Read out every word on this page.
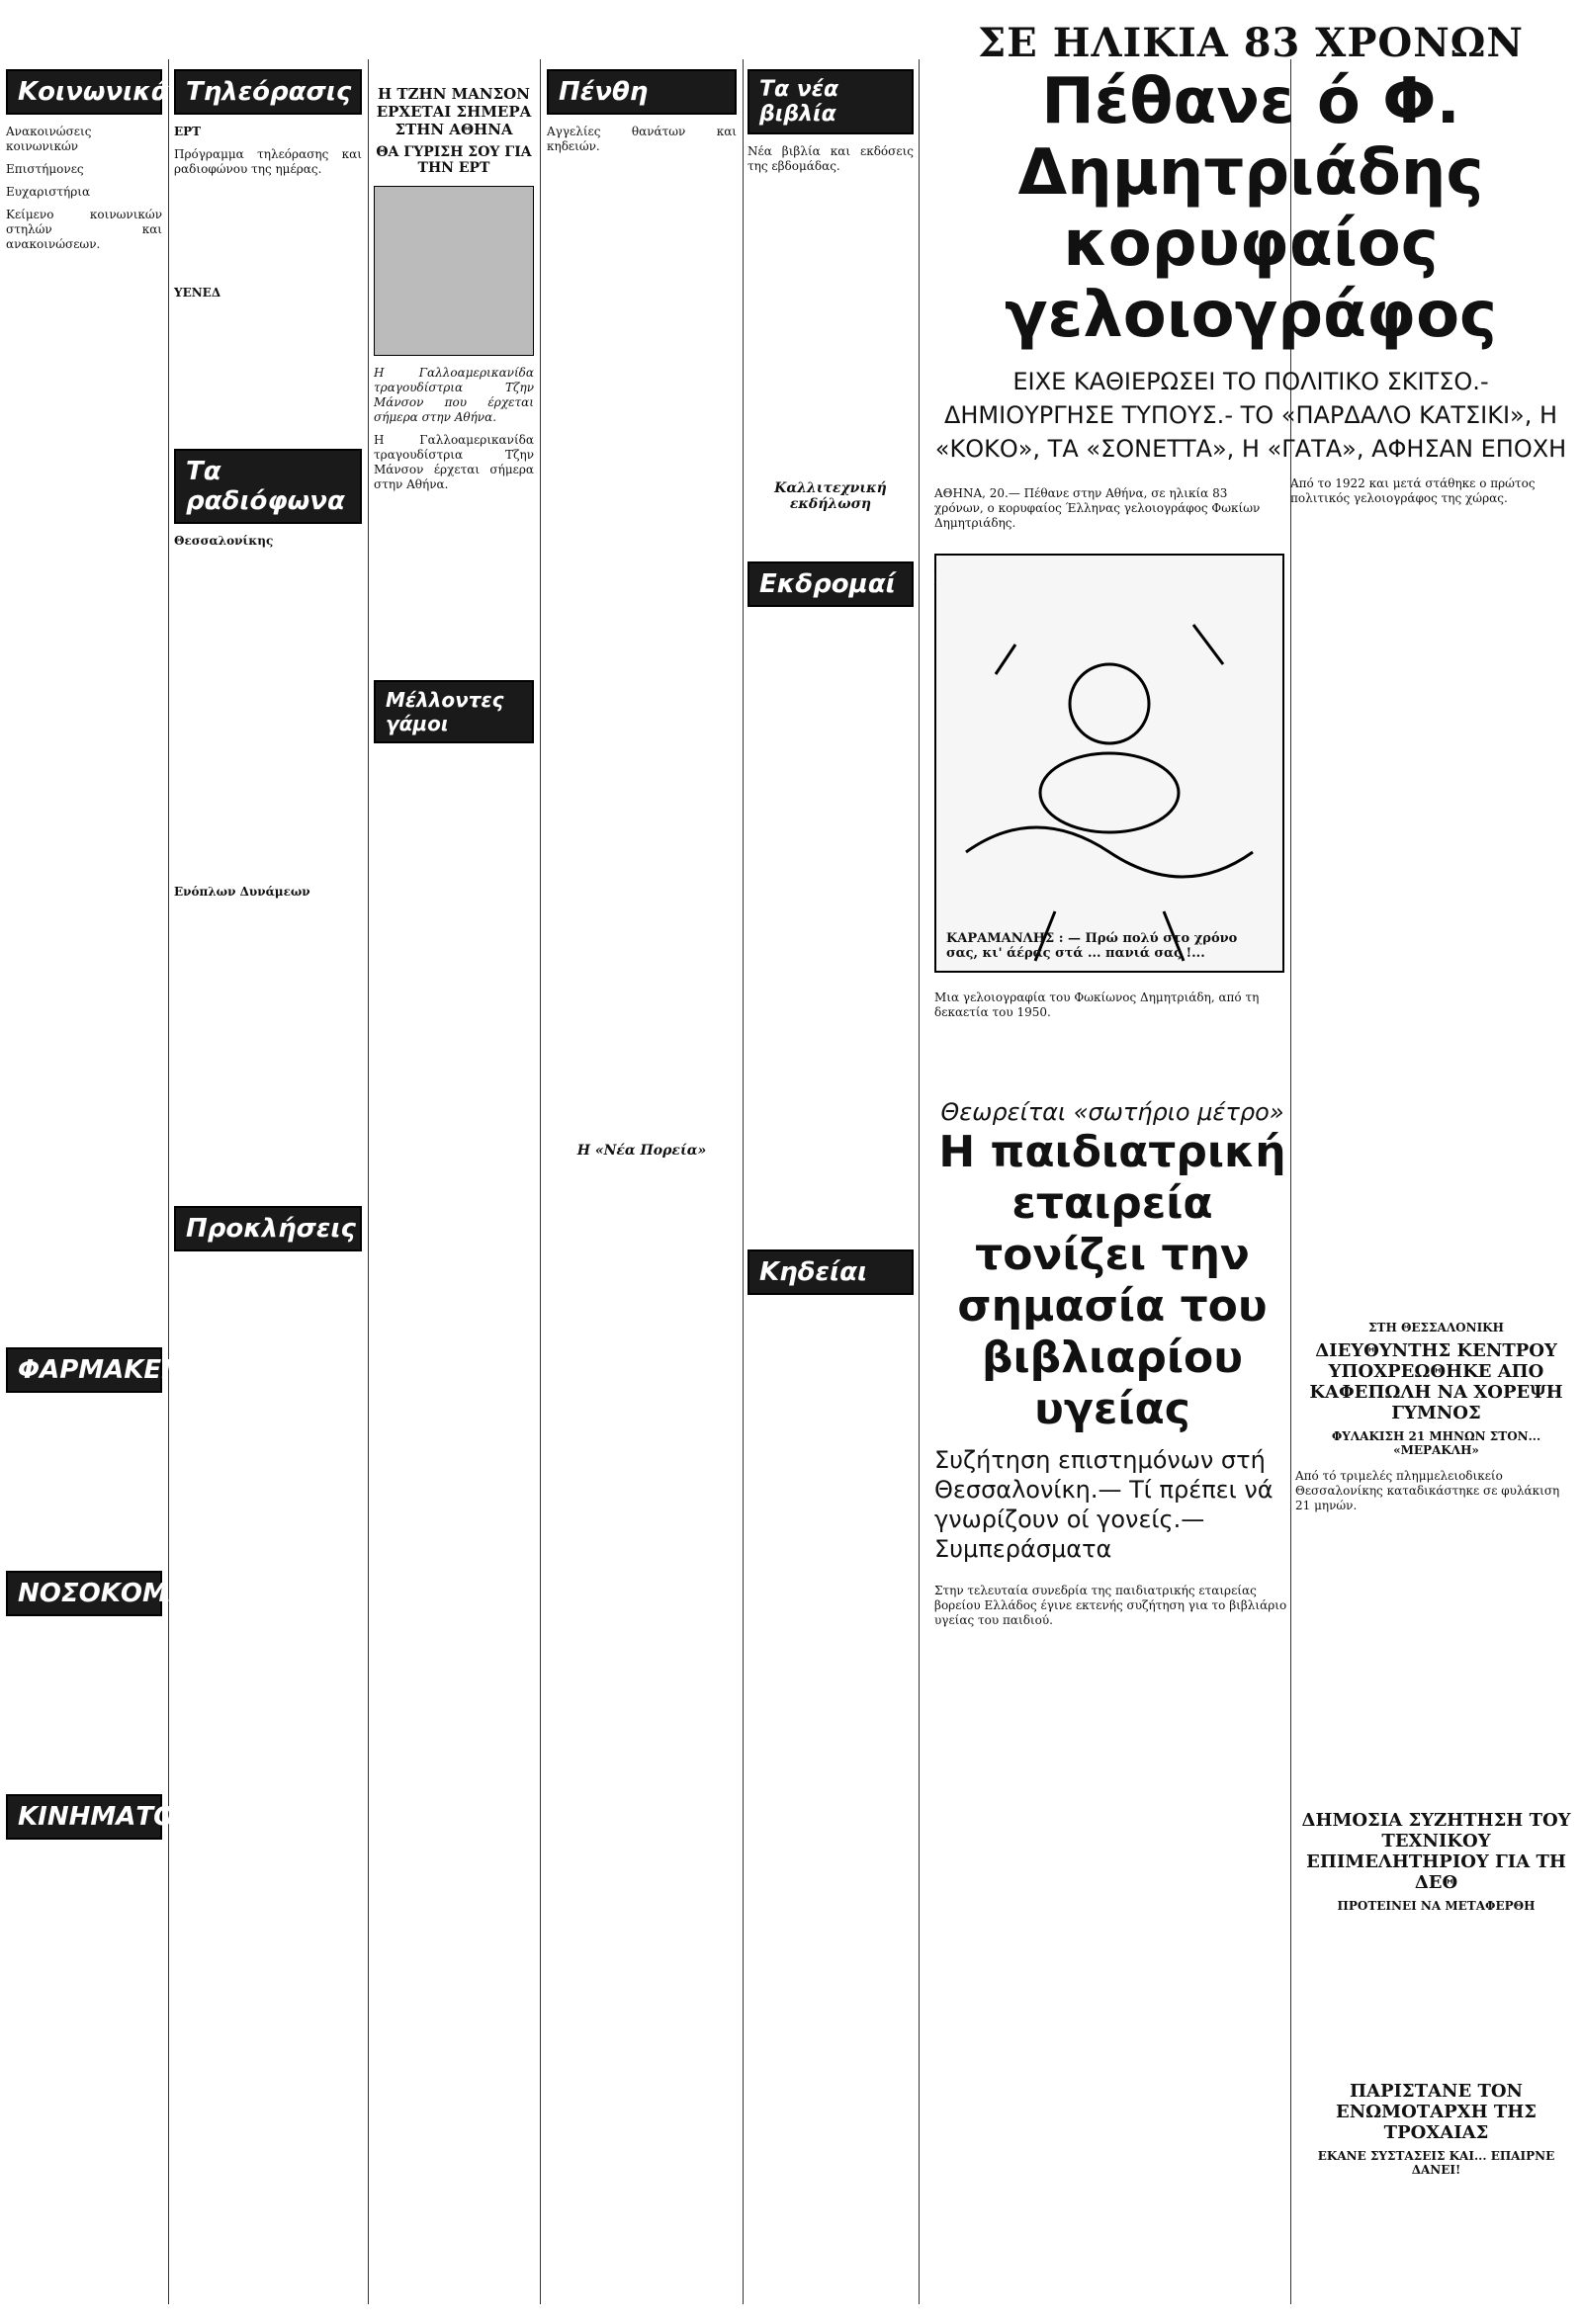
Κοινωνικά

Ανακοινώσεις κοινωνικών

Επιστήμονες

Ευχαριστήρια

Κείμενο κοινωνικών στηλών και ανακοινώσεων.

ΦΑΡΜΑΚΕΙΑ
ΝΟΣΟΚΟΜΕΙΑ
ΚΙΝΗΜΑΤΟΓΡΑΦΟΙ
Τηλεόρασις

ΕΡΤ

Πρόγραμμα τηλεόρασης και ραδιοφώνου της ημέρας.

ΥΕΝΕΔ

Τα ραδιόφωνα

Θεσσαλονίκης

Ενόπλων Δυνάμεων

Προκλήσεις
Η ΤΖΗΝ ΜΑΝΣΟΝ ΕΡΧΕΤΑΙ ΣΗΜΕΡΑ ΣΤΗΝ ΑΘΗΝΑ
ΘΑ ΓΥΡΙΣΗ ΣΟΥ ΓΙΑ ΤΗΝ ΕΡΤ

Η Γαλλοαμερικανίδα τραγουδίστρια Τζην Μάνσον που έρχεται σήμερα στην Αθήνα.

Η Γαλλοαμερικανίδα τραγουδίστρια Τζην Μάνσον έρχεται σήμερα στην Αθήνα.

Μέλλοντες γάμοι
Πένθη

Αγγελίες θανάτων και κηδειών.

Η «Νέα Πορεία»
Τα νέα βιβλία

Νέα βιβλία και εκδόσεις της εβδομάδας.

Καλλιτεχνική εκδήλωση
Εκδρομαί
Κηδείαι
ΣΕ ΗΛΙΚΙΑ 83 ΧΡΟΝΩΝ
Πέθανε ό Φ. Δημητριάδης κορυφαίος γελοιογράφος
ΕΙΧΕ ΚΑΘΙΕΡΩΣΕΙ ΤΟ ΠΟΛΙΤΙΚΟ ΣΚΙΤΣΟ.- ΔΗΜΙΟΥΡΓΗΣΕ ΤΥΠΟΥΣ.- ΤΟ «ΠΑΡΔΑΛΟ ΚΑΤΣΙΚΙ», Η «ΚΟΚΟ», ΤΑ «ΣΟΝΕΤΤΑ», Η «ΓΑΤΑ», ΑΦΗΣΑΝ ΕΠΟΧΗ

ΑΘΗΝΑ, 20.— Πέθανε στην Αθήνα, σε ηλικία 83 χρόνων, ο κορυφαίος Έλληνας γελοιογράφος Φωκίων Δημητριάδης.

ΚΑΡΑΜΑΝΛΗΣ : — Πρώ πολύ στο χρόνο σας, κι' άέρας στά ... πανιά σας !...

Μια γελοιογραφία του Φωκίωνος Δημητριάδη, από τη δεκαετία του 1950.

Από το 1922 και μετά στάθηκε ο πρώτος πολιτικός γελοιογράφος της χώρας.

Θεωρείται «σωτήριο μέτρο»
Η παιδιατρική εταιρεία τονίζει την σημασία του βιβλιαρίου υγείας
Συζήτηση επιστημόνων στή Θεσσαλονίκη.— Τί πρέπει νά γνωρίζουν οί γονείς.— Συμπεράσματα

Στην τελευταία συνεδρία της παιδιατρικής εταιρείας βορείου Ελλάδος έγινε εκτενής συζήτηση για το βιβλιάριο υγείας του παιδιού.

ΣΤΗ ΘΕΣΣΑΛΟΝΙΚΗ
ΔΙΕΥΘΥΝΤΗΣ ΚΕΝΤΡΟΥ ΥΠΟΧΡΕΩΘΗΚΕ ΑΠΟ ΚΑΦΕΠΩΛΗ ΝΑ ΧΟΡΕΨΗ ΓΥΜΝΟΣ
ΦΥΛΑΚΙΣΗ 21 ΜΗΝΩΝ ΣΤΟΝ... «ΜΕΡΑΚΛΗ»

Από τό τριμελές πλημμελειοδικείο Θεσσαλονίκης καταδικάστηκε σε φυλάκιση 21 μηνών.

ΔΗΜΟΣΙΑ ΣΥΖΗΤΗΣΗ ΤΟΥ ΤΕΧΝΙΚΟΥ ΕΠΙΜΕΛΗΤΗΡΙΟΥ ΓΙΑ ΤΗ ΔΕΘ
ΠΡΟΤΕΙΝΕΙ ΝΑ ΜΕΤΑΦΕΡΘΗ
ΠΑΡΙΣΤΑΝΕ ΤΟΝ ΕΝΩΜΟΤΑΡΧΗ ΤΗΣ ΤΡΟΧΑΙΑΣ
ΕΚΑΝΕ ΣΥΣΤΑΣΕΙΣ ΚΑΙ... ΕΠΑΙΡΝΕ ΔΑΝΕΙ!
